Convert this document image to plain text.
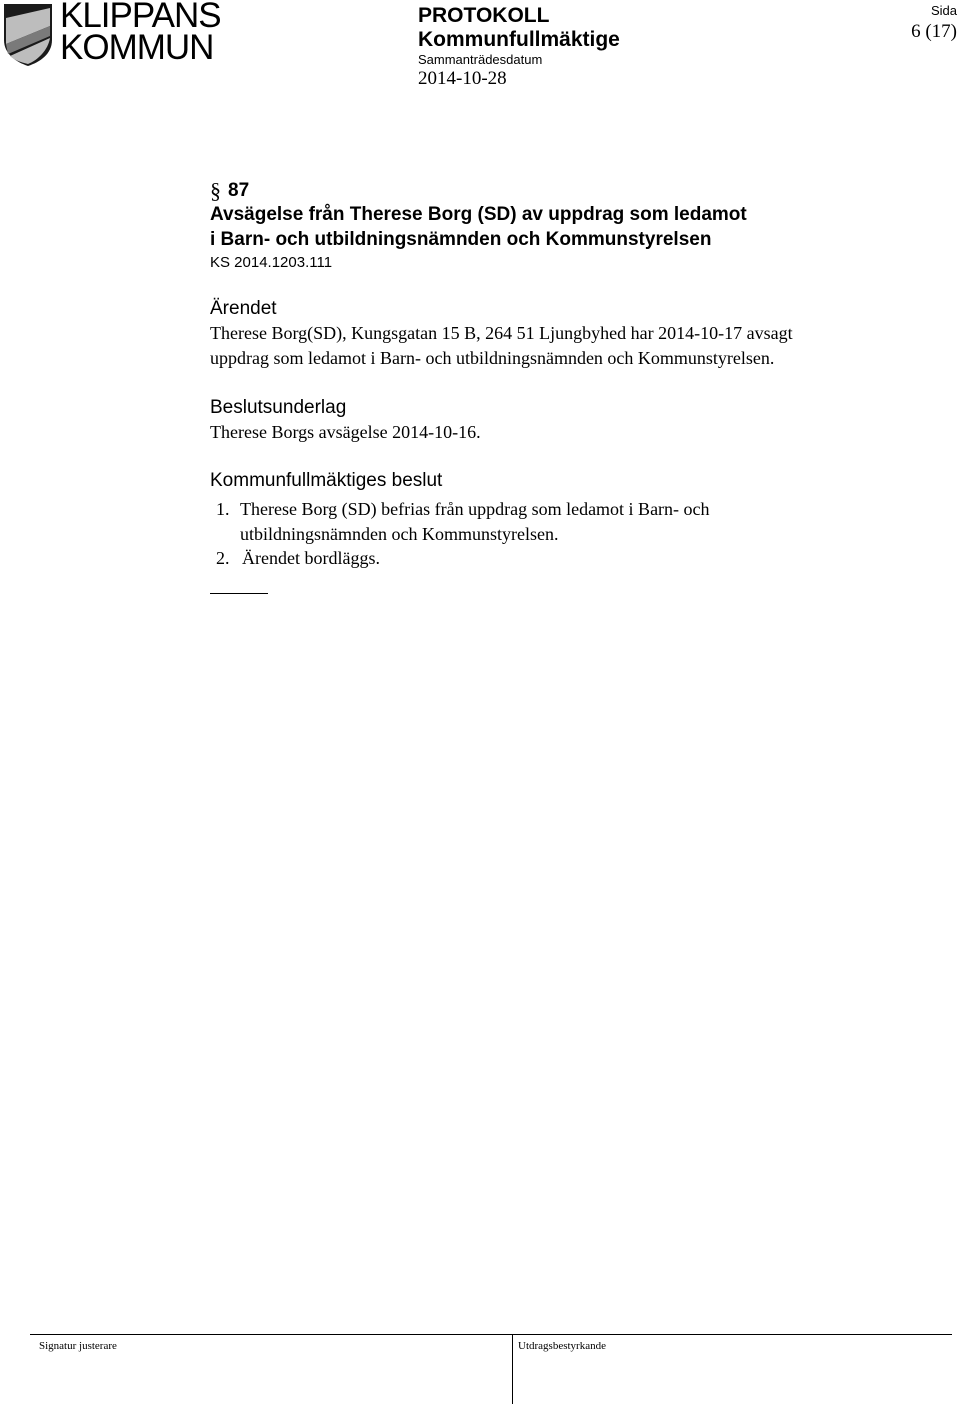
KLIPPANS
KOMMUN
PROTOKOLL
Kommunfullmäktige
Sammanträdesdatum
2014-10-28
Sida
6 (17)
§ 87
Avsägelse från Therese Borg (SD) av uppdrag som ledamot
i Barn- och utbildningsnämnden och Kommunstyrelsen
KS 2014.1203.111
Ärendet
Therese Borg(SD), Kungsgatan 15 B, 264 51 Ljungbyhed har 2014-10-17 avsagt
uppdrag som ledamot i Barn- och utbildningsnämnden och Kommunstyrelsen.
Beslutsunderlag
Therese Borgs avsägelse 2014-10-16.
Kommunfullmäktiges beslut
1. Therese Borg (SD) befrias från uppdrag som ledamot i Barn- och
utbildningsnämnden och Kommunstyrelsen.
2. Ärendet bordläggs.
Signatur justerare	Utdragsbestyrkande
